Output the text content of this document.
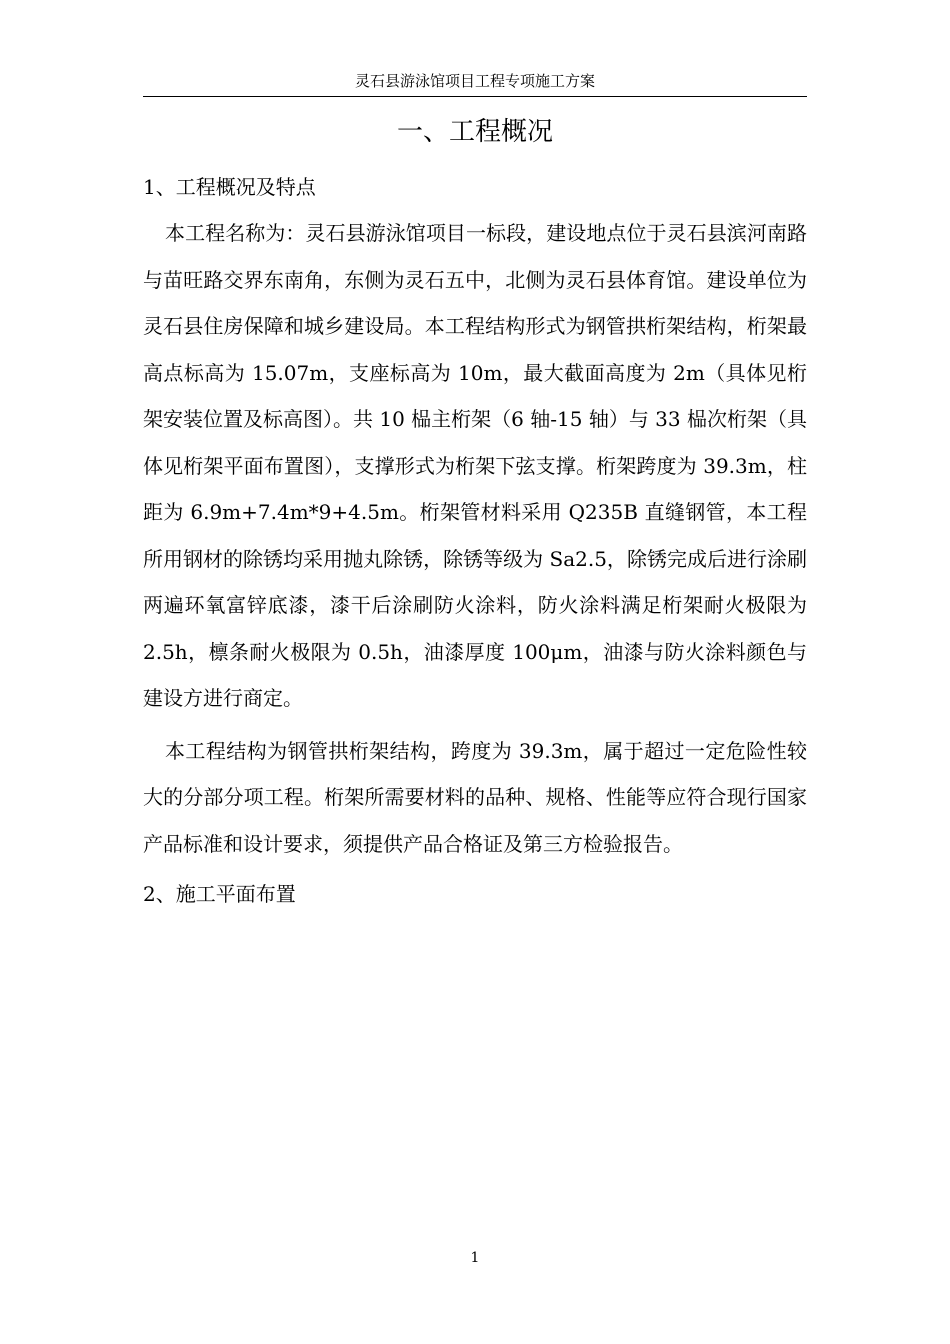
灵石县游泳馆项目工程专项施工方案
一、工程概况
1、工程概况及特点

本工程名称为：灵石县游泳馆项目一标段，建设地点位于灵石县滨河南路与苗旺路交界东南角，东侧为灵石五中，北侧为灵石县体育馆。建设单位为灵石县住房保障和城乡建设局。本工程结构形式为钢管拱桁架结构，桁架最高点标高为 15.07m，支座标高为 10m，最大截面高度为 2m（具体见桁架安装位置及标高图）。共 10 榀主桁架（6 轴-15 轴）与 33 榀次桁架（具体见桁架平面布置图），支撑形式为桁架下弦支撑。桁架跨度为 39.3m，柱距为 6.9m+7.4m*9+4.5m。桁架管材料采用 Q235B 直缝钢管，本工程所用钢材的除锈均采用抛丸除锈，除锈等级为 Sa2.5，除锈完成后进行涂刷两遍环氧富锌底漆，漆干后涂刷防火涂料，防火涂料满足桁架耐火极限为 2.5h，檩条耐火极限为 0.5h，油漆厚度 100μm，油漆与防火涂料颜色与建设方进行商定。

本工程结构为钢管拱桁架结构，跨度为 39.3m，属于超过一定危险性较大的分部分项工程。桁架所需要材料的品种、规格、性能等应符合现行国家产品标准和设计要求，须提供产品合格证及第三方检验报告。

2、施工平面布置
1
